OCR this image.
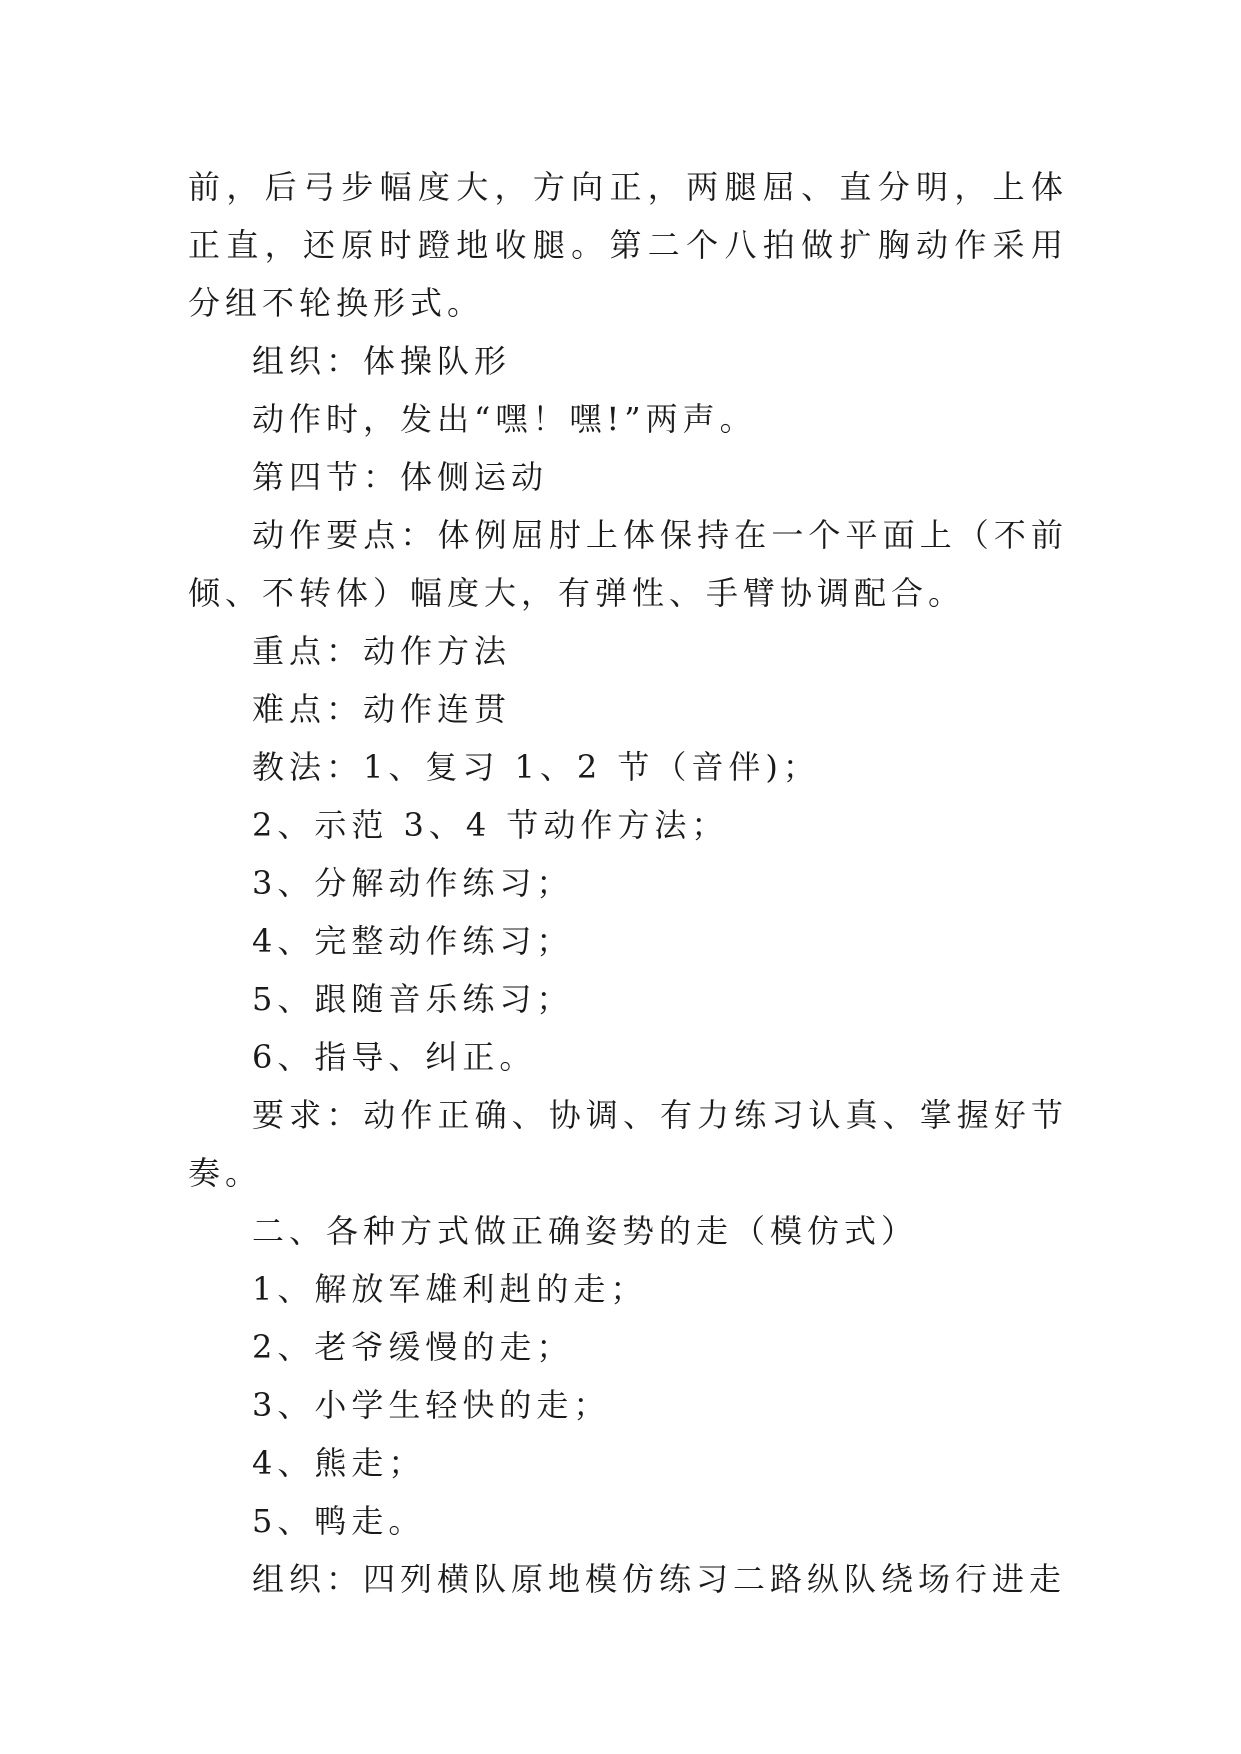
前，后弓步幅度大，方向正，两腿屈、直分明，上体正直，还原时蹬地收腿。第二个八拍做扩胸动作采用分组不轮换形式。

组织：体操队形

动作时，发出“嘿！嘿!”两声。

第四节：体侧运动

动作要点：体例屈肘上体保持在一个平面上（不前倾、不转体）幅度大，有弹性、手臂协调配合。

重点：动作方法

难点：动作连贯

教法：1、复习 1、2 节（音伴)；

2、示范 3、4 节动作方法；

3、分解动作练习；

4、完整动作练习；

5、跟随音乐练习；

6、指导、纠正。

要求：动作正确、协调、有力练习认真、掌握好节奏。

二、各种方式做正确姿势的走（模仿式）

1、解放军雄利赳的走；

2、老爷缓慢的走；

3、小学生轻快的走；

4、熊走；

5、鸭走。

组织：四列横队原地模仿练习二路纵队绕场行进走
